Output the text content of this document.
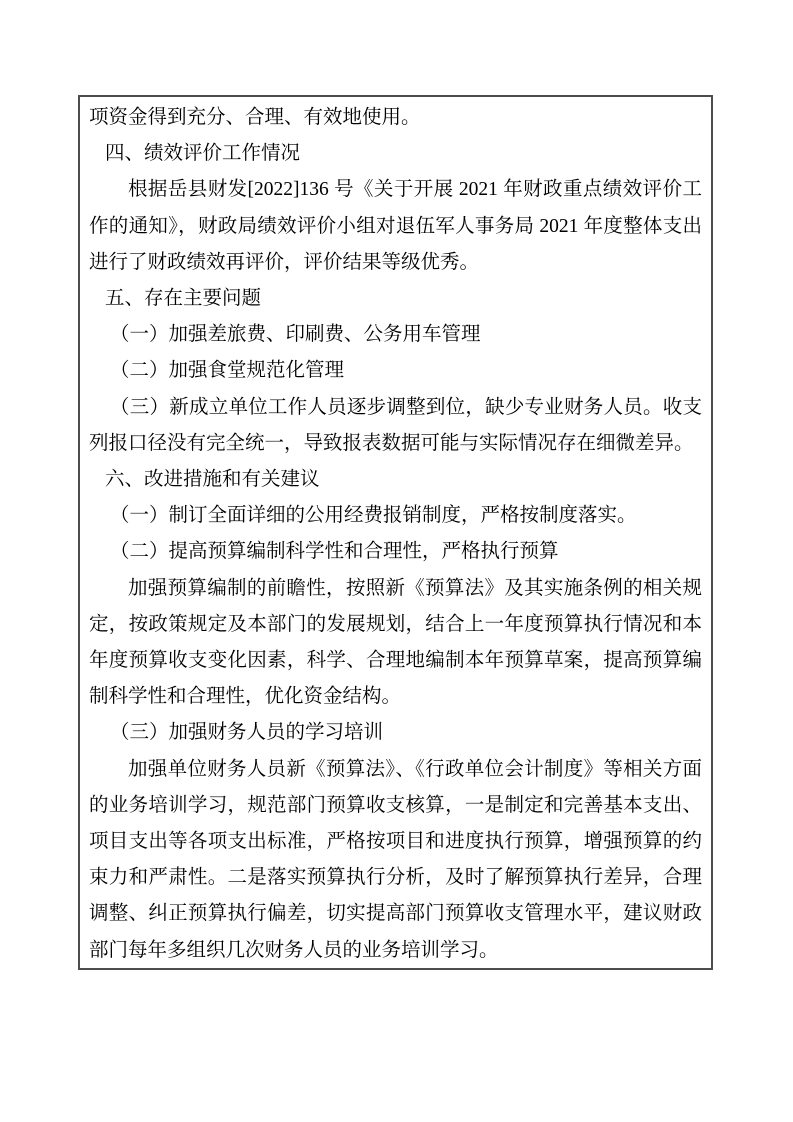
项资金得到充分、合理、有效地使用。

四、绩效评价工作情况

根据岳县财发[2022]136 号《关于开展 2021 年财政重点绩效评价工作的通知》，财政局绩效评价小组对退伍军人事务局 2021 年度整体支出进行了财政绩效再评价，评价结果等级优秀。

五、存在主要问题

（一）加强差旅费、印刷费、公务用车管理

（二）加强食堂规范化管理

（三）新成立单位工作人员逐步调整到位，缺少专业财务人员。收支列报口径没有完全统一，导致报表数据可能与实际情况存在细微差异。

六、改进措施和有关建议

（一）制订全面详细的公用经费报销制度，严格按制度落实。

（二）提高预算编制科学性和合理性，严格执行预算

加强预算编制的前瞻性，按照新《预算法》及其实施条例的相关规定，按政策规定及本部门的发展规划，结合上一年度预算执行情况和本年度预算收支变化因素，科学、合理地编制本年预算草案，提高预算编制科学性和合理性，优化资金结构。

（三）加强财务人员的学习培训

加强单位财务人员新《预算法》、《行政单位会计制度》等相关方面的业务培训学习，规范部门预算收支核算，一是制定和完善基本支出、项目支出等各项支出标准，严格按项目和进度执行预算，增强预算的约束力和严肃性。二是落实预算执行分析，及时了解预算执行差异，合理调整、纠正预算执行偏差，切实提高部门预算收支管理水平，建议财政部门每年多组织几次财务人员的业务培训学习。
